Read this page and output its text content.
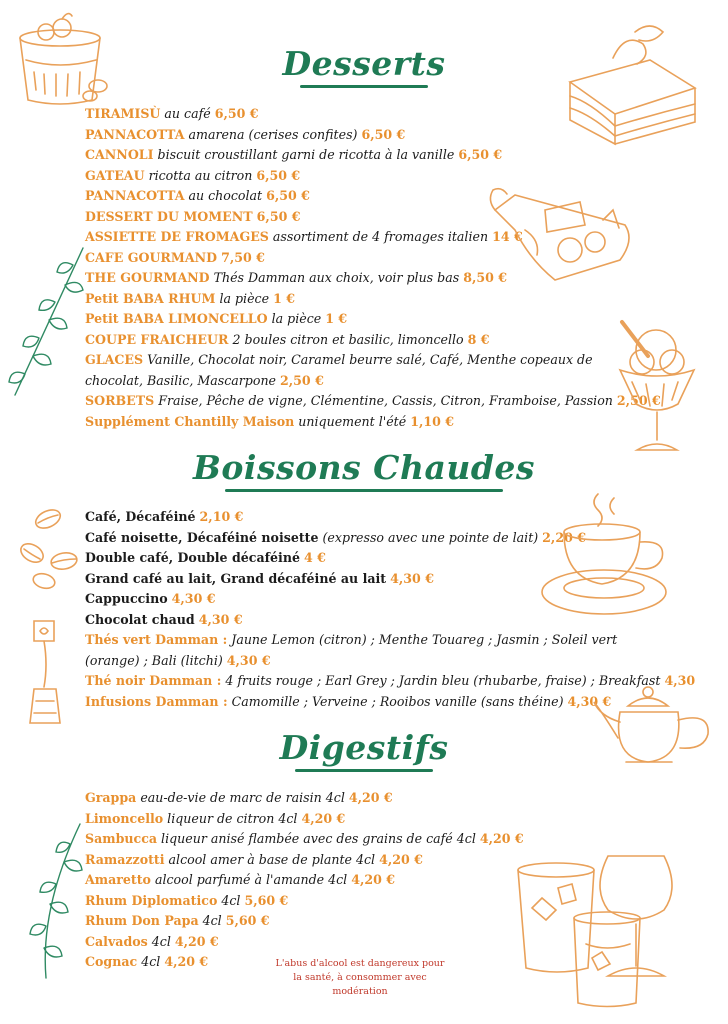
Desserts
Boissons Chaudes
Digestifs
TIRAMISÙ au café 6,50 €
PANNACOTTA amarena (cerises confites) 6,50 €
CANNOLI biscuit croustillant garni de ricotta à la vanille 6,50 €
GATEAU ricotta au citron 6,50 €
PANNACOTTA au chocolat 6,50 €
DESSERT DU MOMENT 6,50 €
ASSIETTE DE FROMAGES assortiment de 4 fromages italien 14 €
CAFE GOURMAND 7,50 €
THE GOURMAND Thés Damman aux choix, voir plus bas 8,50 €
Petit BABA RHUM la pièce 1 €
Petit BABA LIMONCELLO la pièce 1 €
COUPE FRAICHEUR 2 boules citron et basilic, limoncello 8 €
GLACES Vanille, Chocolat noir, Caramel beurre salé, Café, Menthe copeaux de chocolat, Basilic, Mascarpone 2,50 €
SORBETS Fraise, Pêche de vigne, Clémentine, Cassis, Citron, Framboise, Passion 2,50 €
Supplément Chantilly Maison uniquement l'été 1,10 €
Café, Décaféiné 2,10 €
Café noisette, Décaféiné noisette (expresso avec une pointe de lait) 2,20 €
Double café, Double décaféiné 4 €
Grand café au lait, Grand décaféiné au lait 4,30 €
Cappuccino 4,30 €
Chocolat chaud 4,30 €
Thés vert Damman : Jaune Lemon (citron) ; Menthe Touareg ; Jasmin ; Soleil vert (orange) ; Bali (litchi) 4,30 €
Thé noir Damman : 4 fruits rouge ; Earl Grey ; Jardin bleu (rhubarbe, fraise) ; Breakfast 4,30
Infusions Damman : Camomille ; Verveine ; Rooibos vanille (sans théine) 4,30 €
Grappa eau-de-vie de marc de raisin 4cl 4,20 €
Limoncello liqueur de citron 4cl 4,20 €
Sambucca liqueur anisé flambée avec des grains de café 4cl 4,20 €
Ramazzotti alcool amer à base de plante 4cl 4,20 €
Amaretto alcool parfumé à l'amande 4cl 4,20 €
Rhum Diplomatico 4cl 5,60 €
Rhum Don Papa 4cl 5,60 €
Calvados 4cl 4,20 €
Cognac 4cl 4,20 €	L'abus d'alcool est dangereux pour la santé, à consommer avec modération
